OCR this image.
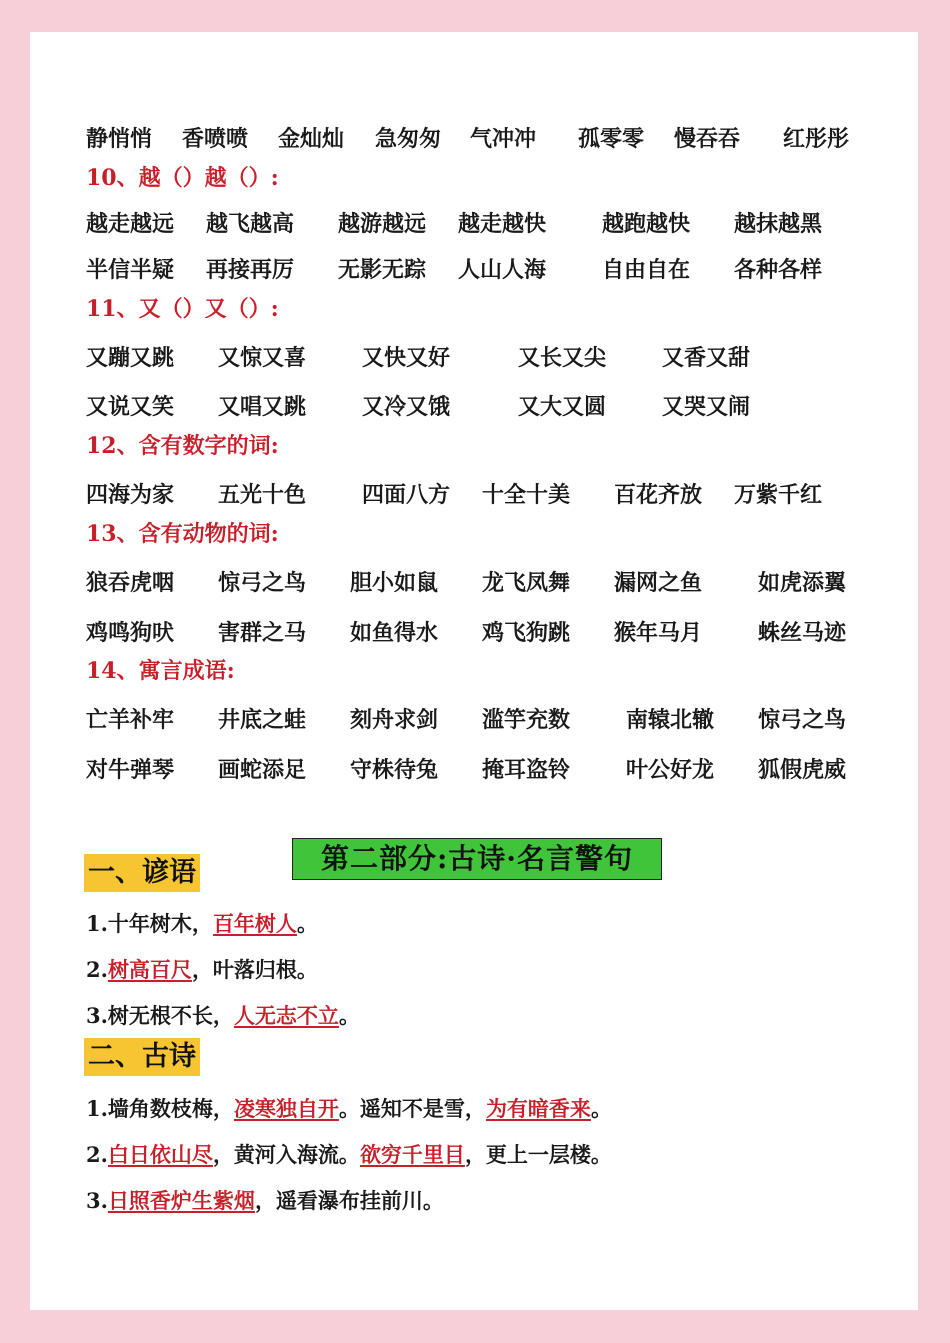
静悄悄 香喷喷 金灿灿 急匆匆 气冲冲 孤零零 慢吞吞 红彤彤
10、越（）越（）:
越走越远 越飞越高 越游越远 越走越快	越跑越快 越抹越黑
半信半疑 再接再厉 无影无踪 人山人海	自由自在 各种各样
11、又（）又（）:
又蹦又跳 又惊又喜	又快又好	又长又尖	又香又甜
又说又笑 又唱又跳	又冷又饿	又大又圆	又哭又闹
12、含有数字的词:
四海为家 五光十色	四面八方 十全十美 百花齐放 万紫千红
13、含有动物的词:
狼吞虎咽 惊弓之鸟 胆小如鼠 龙飞凤舞 漏网之鱼	如虎添翼
鸡鸣狗吠 害群之马 如鱼得水 鸡飞狗跳 猴年马月	蛛丝马迹
14、寓言成语:
亡羊补牢 井底之蛙 刻舟求剑 滥竽充数	南辕北辙 惊弓之鸟
对牛弹琴 画蛇添足 守株待兔 掩耳盗铃	叶公好龙 狐假虎威
第二部分:古诗·名言警句
一、谚语
1.十年树木，百年树人。
2.树高百尺，叶落归根。
3.树无根不长，人无志不立。
二、古诗
1.墙角数枝梅，凌寒独自开。遥知不是雪，为有暗香来。
2.白日依山尽，黄河入海流。欲穷千里目，更上一层楼。
3.日照香炉生紫烟，遥看瀑布挂前川。
